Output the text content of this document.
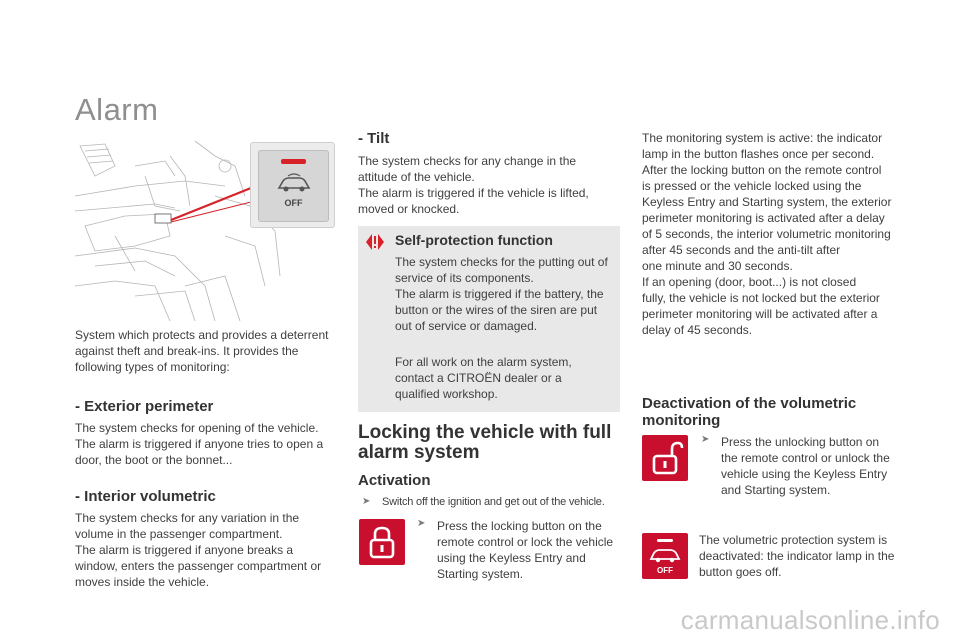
Alarm
OFF
System which protects and provides a deterrent
against theft and break-ins. It provides the
following types of monitoring:
- Exterior perimeter
The system checks for opening of the vehicle.
The alarm is triggered if anyone tries to open a
door, the boot or the bonnet...
- Interior volumetric
The system checks for any variation in the
volume in the passenger compartment.
The alarm is triggered if anyone breaks a
window, enters the passenger compartment or
moves inside the vehicle.
- Tilt
The system checks for any change in the
attitude of the vehicle.
The alarm is triggered if the vehicle is lifted,
moved or knocked.
Self-protection function
The system checks for the putting out of
service of its components.
The alarm is triggered if the battery, the
button or the wires of the siren are put
out of service or damaged.
For all work on the alarm system,
contact a CITROËN dealer or a
qualified workshop.
Locking the vehicle with full
alarm system
Activation
➤ Switch off the ignition and get out of the vehicle.
➤ Press the locking button on the
remote control or lock the vehicle
using the Keyless Entry and
Starting system.
The monitoring system is active: the indicator
lamp in the button flashes once per second.
After the locking button on the remote control
is pressed or the vehicle locked using the
Keyless Entry and Starting system, the exterior
perimeter monitoring is activated after a delay
of 5 seconds, the interior volumetric monitoring
after 45 seconds and the anti-tilt after
one minute and 30 seconds.
If an opening (door, boot...) is not closed
fully, the vehicle is not locked but the exterior
perimeter monitoring will be activated after a
delay of 45 seconds.
Deactivation of the volumetric
monitoring
➤ Press the unlocking button on
the remote control or unlock the
vehicle using the Keyless Entry
and Starting system.
OFF
The volumetric protection system is
deactivated: the indicator lamp in the
button goes off.
carmanualsonline.info
